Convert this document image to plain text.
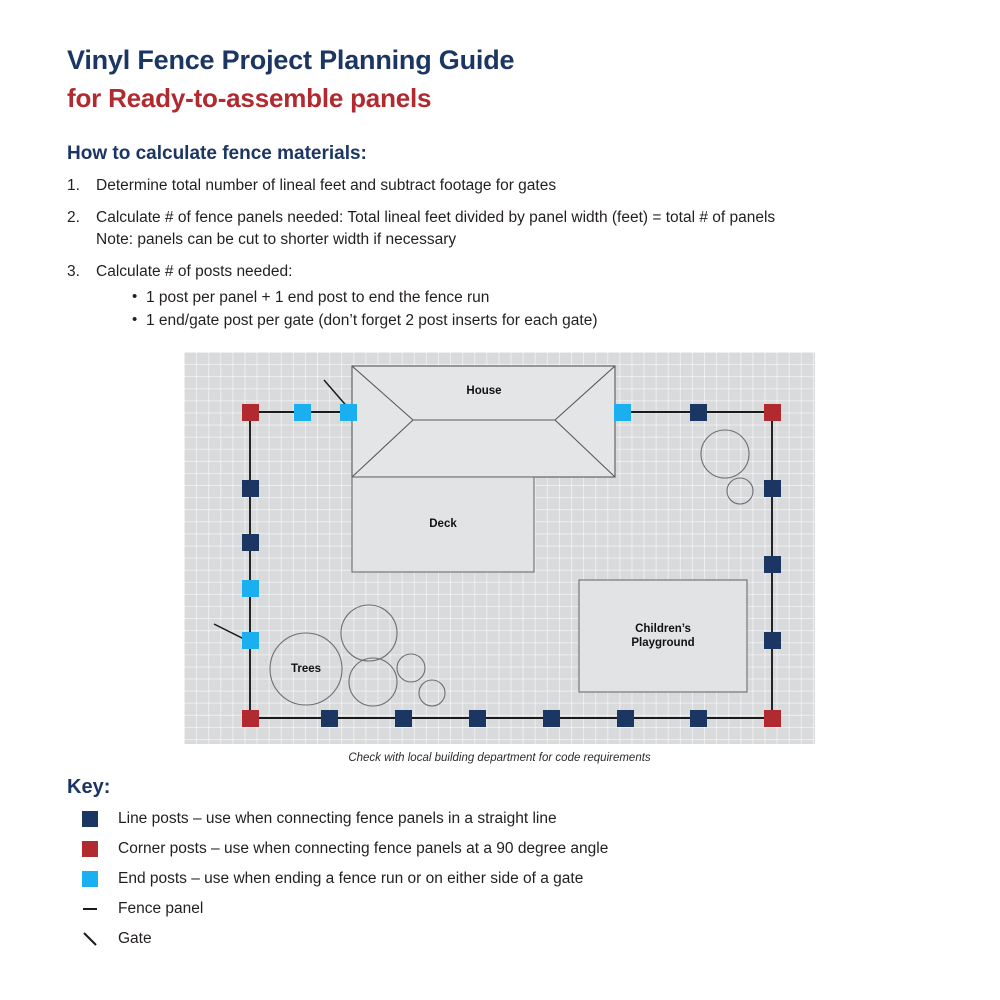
Vinyl Fence Project Planning Guide
for Ready-to-assemble panels
How to calculate fence materials:
1.	Determine total number of lineal feet and subtract footage for gates
2.	Calculate # of fence panels needed: Total lineal feet divided by panel width (feet) = total # of panels
Note: panels can be cut to shorter width if necessary
3.	Calculate # of posts needed:
• 1 post per panel + 1 end post to end the fence run
• 1 end/gate post per gate (don’t forget 2 post inserts for each gate)
House
Deck
Trees
Children’s
Playground
Check with local building department for code requirements
Key:
Line posts – use when connecting fence panels in a straight line
Corner posts – use when connecting fence panels at a 90 degree angle
End posts – use when ending a fence run or on either side of a gate
Fence panel
Gate
